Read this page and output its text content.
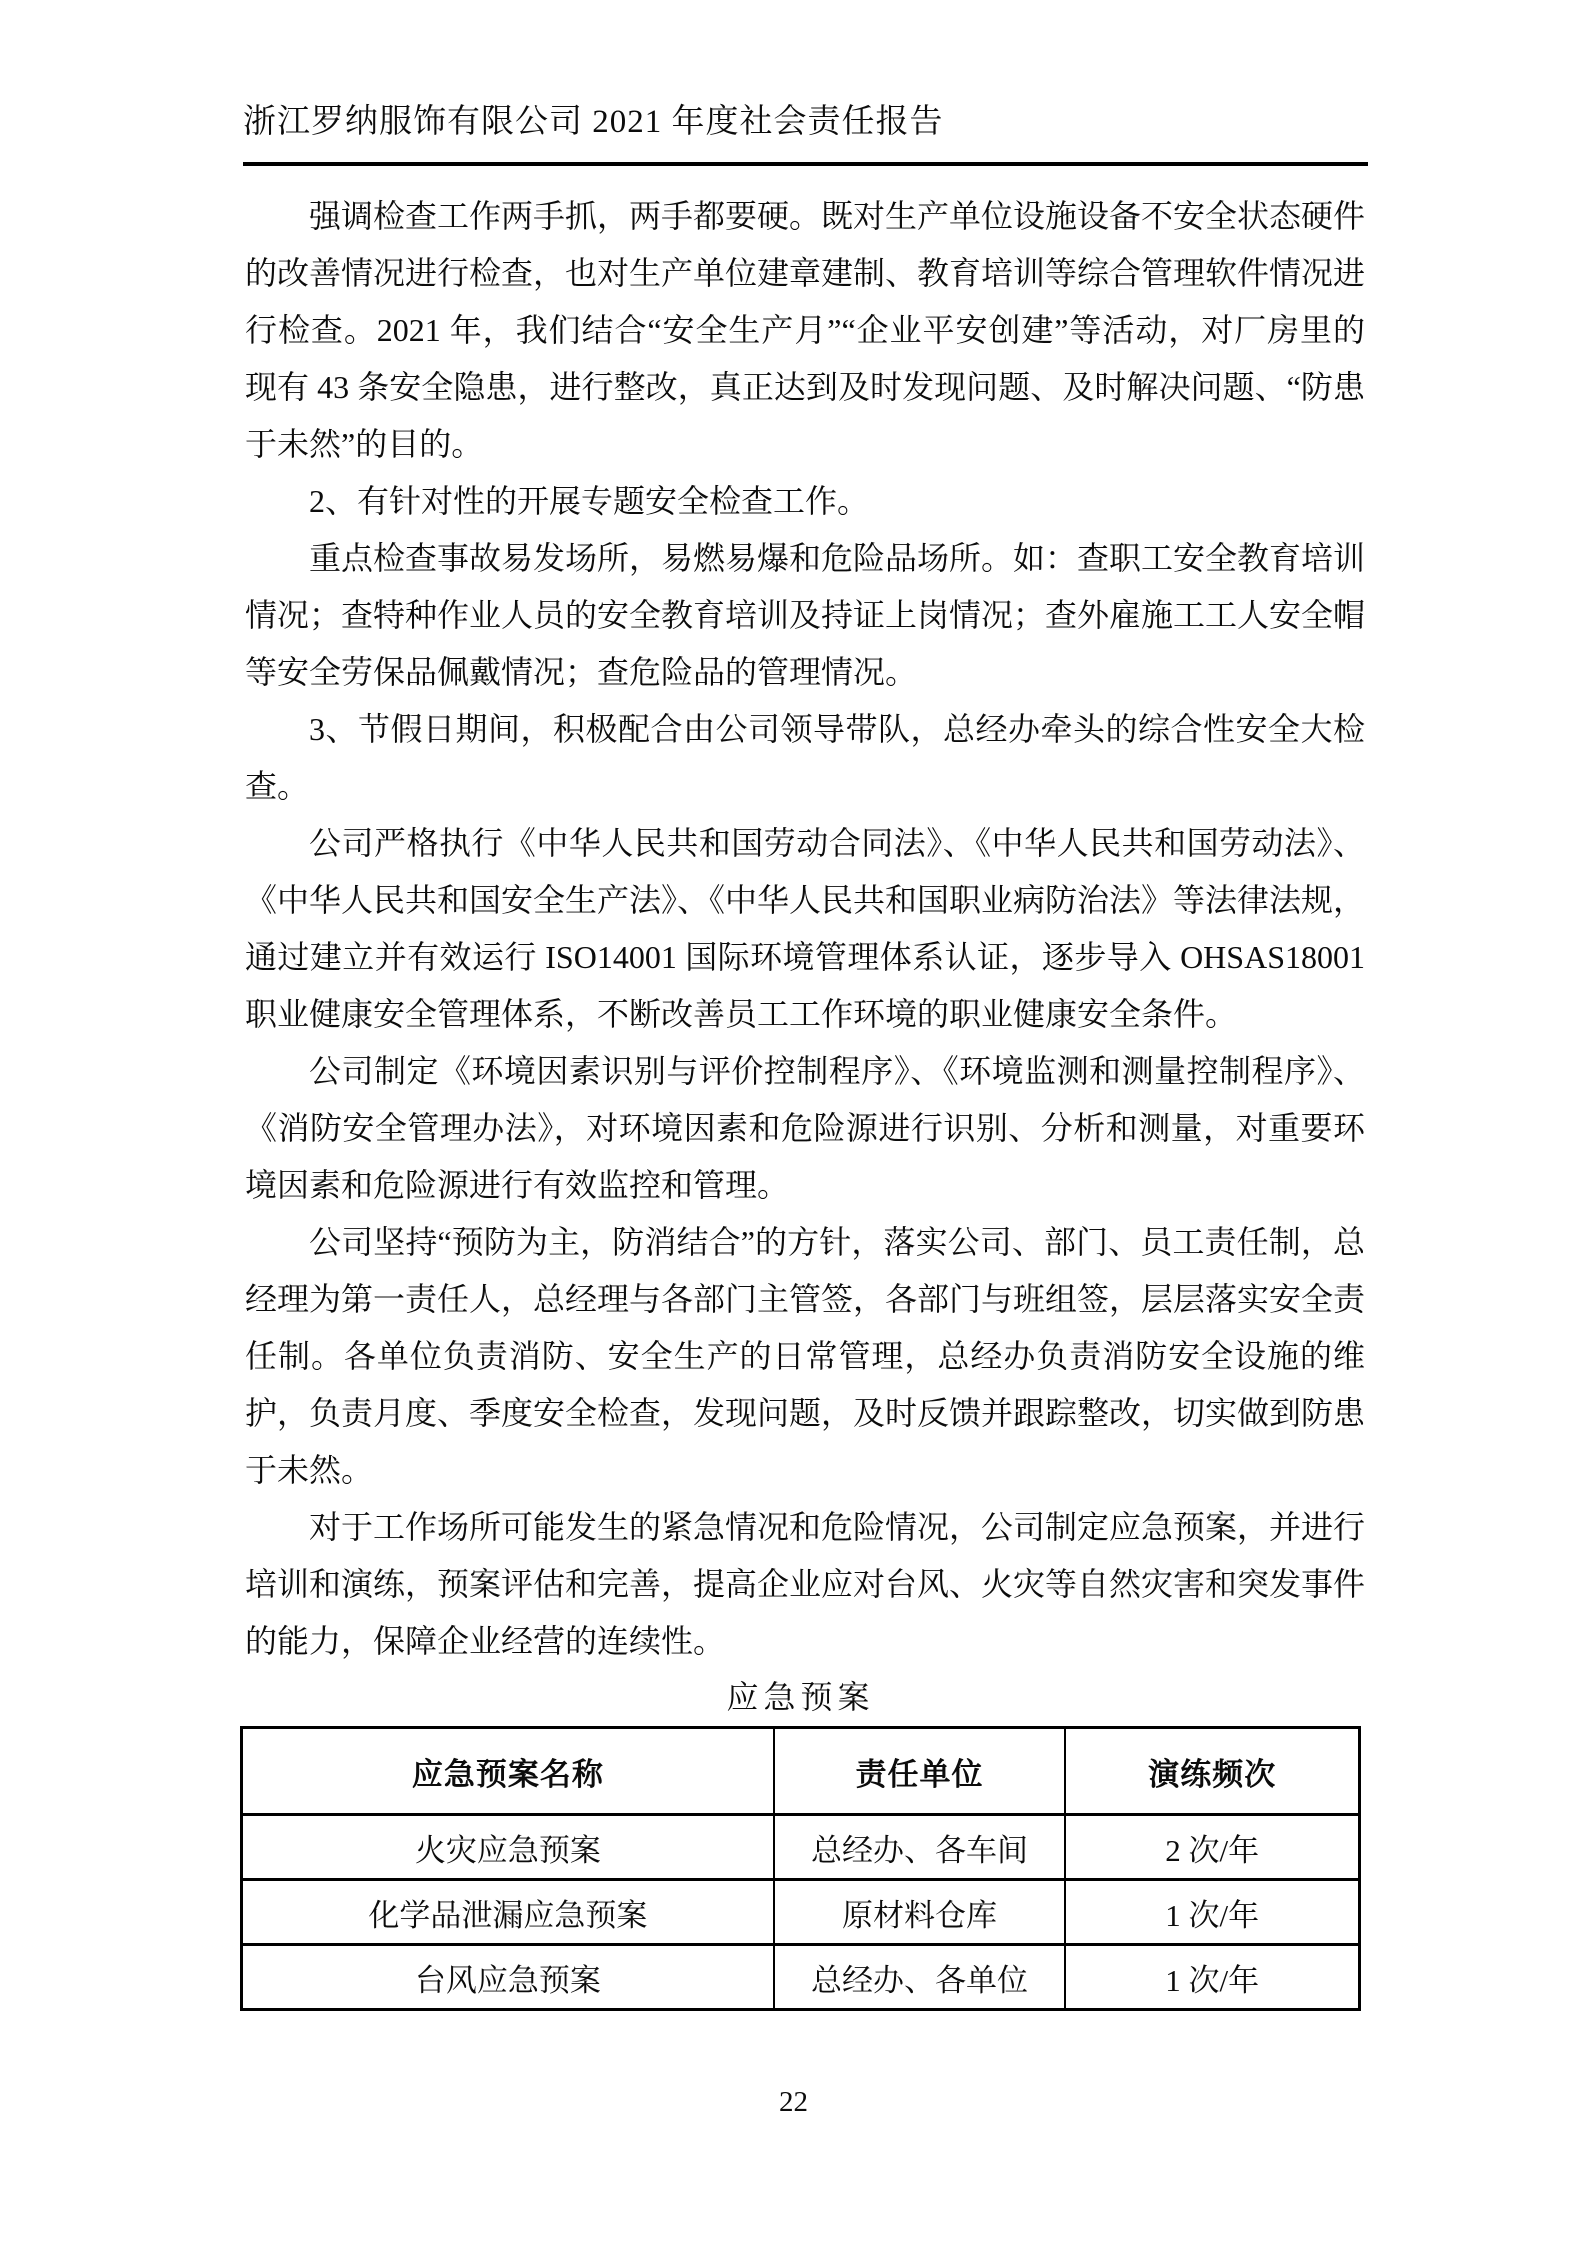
浙江罗纳服饰有限公司 2021 年度社会责任报告

强调检查工作两手抓，两手都要硬。既对生产单位设施设备不安全状态硬件的改善情况进行检查，也对生产单位建章建制、教育培训等综合管理软件情况进行检查。2021 年，我们结合“安全生产月”“企业平安创建”等活动，对厂房里的现有 43 条安全隐患，进行整改，真正达到及时发现问题、及时解决问题、“防患于未然”的目的。

2、有针对性的开展专题安全检查工作。

重点检查事故易发场所，易燃易爆和危险品场所。如：查职工安全教育培训情况；查特种作业人员的安全教育培训及持证上岗情况；查外雇施工工人安全帽等安全劳保品佩戴情况；查危险品的管理情况。

3、节假日期间，积极配合由公司领导带队，总经办牵头的综合性安全大检查。

公司严格执行《中华人民共和国劳动合同法》、《中华人民共和国劳动法》、《中华人民共和国安全生产法》、《中华人民共和国职业病防治法》等法律法规，通过建立并有效运行 ISO14001 国际环境管理体系认证，逐步导入 OHSAS18001 职业健康安全管理体系，不断改善员工工作环境的职业健康安全条件。

公司制定《环境因素识别与评价控制程序》、《环境监测和测量控制程序》、《消防安全管理办法》，对环境因素和危险源进行识别、分析和测量，对重要环境因素和危险源进行有效监控和管理。

公司坚持“预防为主，防消结合”的方针，落实公司、部门、员工责任制，总经理为第一责任人，总经理与各部门主管签，各部门与班组签，层层落实安全责任制。各单位负责消防、安全生产的日常管理，总经办负责消防安全设施的维护，负责月度、季度安全检查，发现问题，及时反馈并跟踪整改，切实做到防患于未然。

对于工作场所可能发生的紧急情况和危险情况，公司制定应急预案，并进行培训和演练，预案评估和完善，提高企业应对台风、火灾等自然灾害和突发事件的能力，保障企业经营的连续性。

应急预案
应急预案名称	责任单位	演练频次
火灾应急预案	总经办、各车间	2 次/年
化学品泄漏应急预案	原材料仓库	1 次/年
台风应急预案	总经办、各单位	1 次/年
22
